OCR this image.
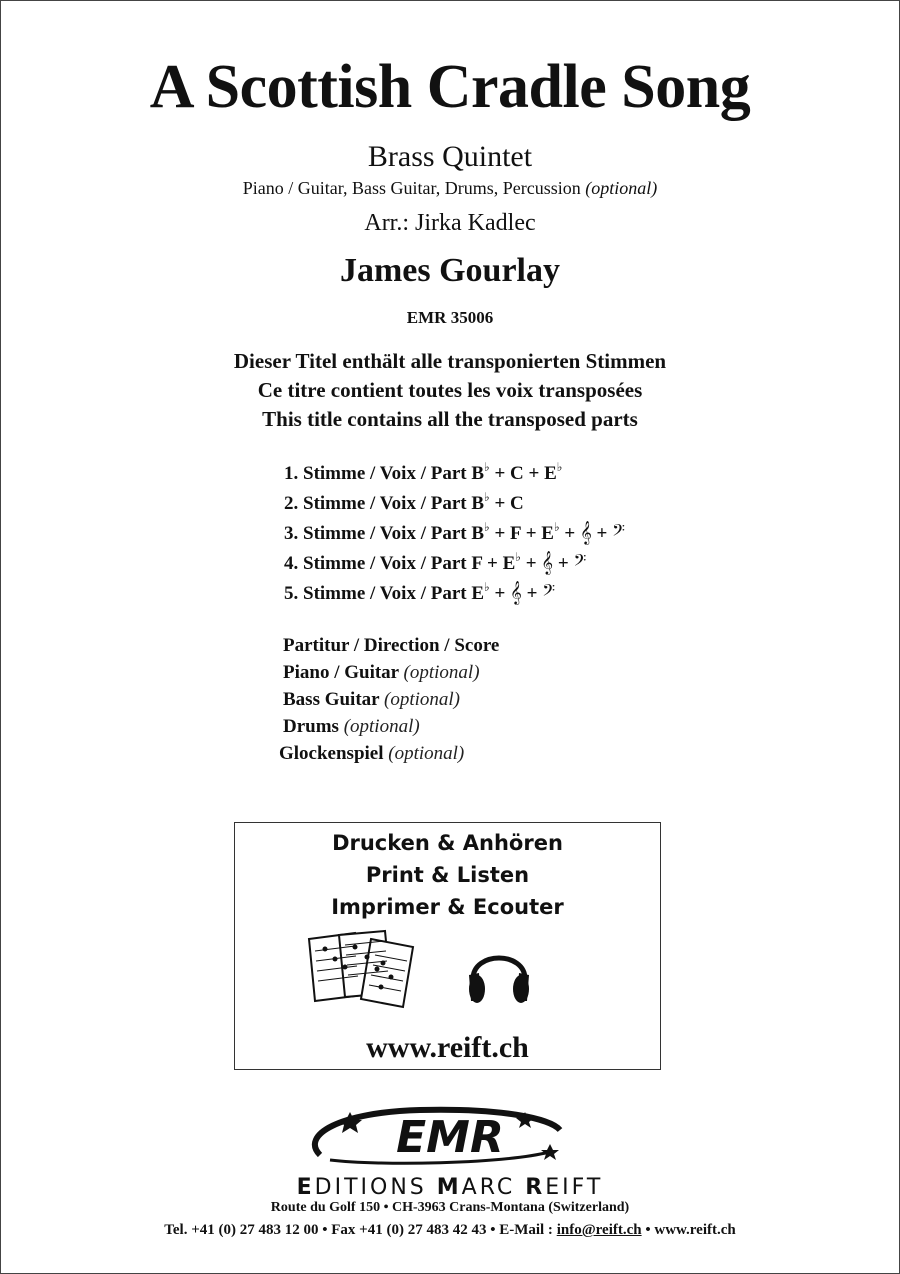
A Scottish Cradle Song
Brass Quintet
Piano / Guitar, Bass Guitar, Drums, Percussion (optional)
Arr.: Jirka Kadlec
James Gourlay
EMR 35006
Dieser Titel enthält alle transponierten Stimmen
Ce titre contient toutes les voix transposées
This title contains all the transposed parts
1. Stimme / Voix / Part B♭ + C + E♭
2. Stimme / Voix / Part B♭ + C
3. Stimme / Voix / Part B♭ + F + E♭ + 𝄞 + 𝄢
4. Stimme / Voix / Part F + E♭ + 𝄞 + 𝄢
5. Stimme / Voix / Part E♭ + 𝄞 + 𝄢
Partitur / Direction / Score
Piano / Guitar (optional)
Bass Guitar (optional)
Drums (optional)
Glockenspiel (optional)
Drucken & Anhören
Print & Listen
Imprimer & Ecouter
www.reift.ch
EMR
EDITIONS MARC REIFT
Route du Golf 150 • CH-3963 Crans-Montana (Switzerland)
Tel. +41 (0) 27 483 12 00 • Fax +41 (0) 27 483 42 43 • E-Mail : info@reift.ch • www.reift.ch
